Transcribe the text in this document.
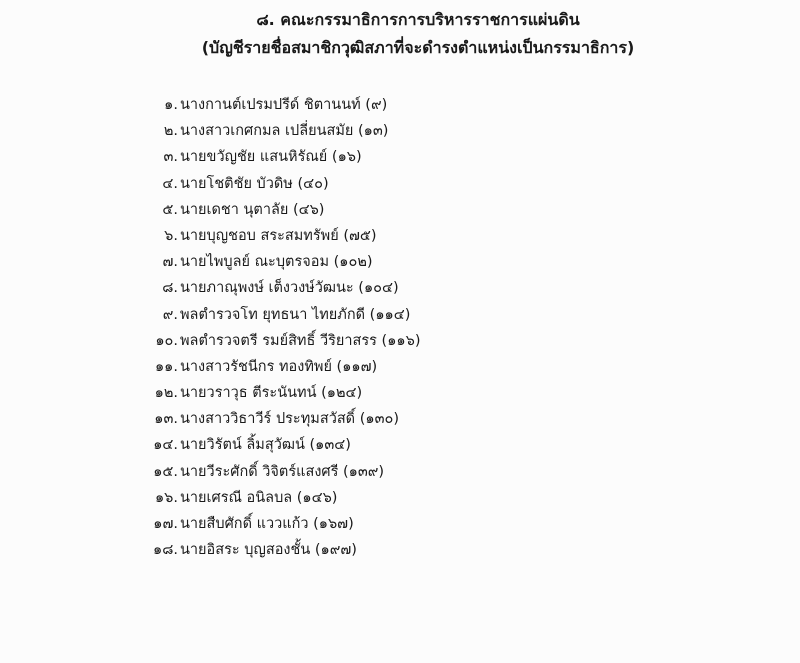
๘. คณะกรรมาธิการการบริหารราชการแผ่นดิน
(บัญชีรายชื่อสมาชิกวุฒิสภาที่จะดำรงตำแหน่งเป็นกรรมาธิการ)
๑. นางกานต์เปรมปรีด์ ชิตานนท์ (๙)
๒. นางสาวเกศกมล เปลี่ยนสมัย (๑๓)
๓. นายขวัญชัย แสนหิรัณย์ (๑๖)
๔. นายโชติชัย บัวดิษ (๔๐)
๕. นายเดชา นุตาลัย (๔๖)
๖. นายบุญชอบ สระสมทรัพย์ (๗๕)
๗. นายไพบูลย์ ณะบุตรจอม (๑๐๒)
๘. นายภาณุพงษ์ เต็งวงษ์วัฒนะ (๑๐๔)
๙. พลตำรวจโท ยุทธนา ไทยภักดี (๑๑๔)
๑๐. พลตำรวจตรี รมย์สิทธิ์ วีริยาสรร (๑๑๖)
๑๑. นางสาวรัชนีกร ทองทิพย์ (๑๑๗)
๑๒. นายวราวุธ ตีระนันทน์ (๑๒๔)
๑๓. นางสาววิธาวีร์ ประทุมสวัสดิ์ (๑๓๐)
๑๔. นายวิรัตน์ ลิ้มสุวัฒน์ (๑๓๔)
๑๕. นายวีระศักดิ์ วิจิตร์แสงศรี (๑๓๙)
๑๖. นายเศรณี อนิลบล (๑๔๖)
๑๗. นายสืบศักดิ์ แววแก้ว (๑๖๗)
๑๘. นายอิสระ บุญสองชั้น (๑๙๗)
